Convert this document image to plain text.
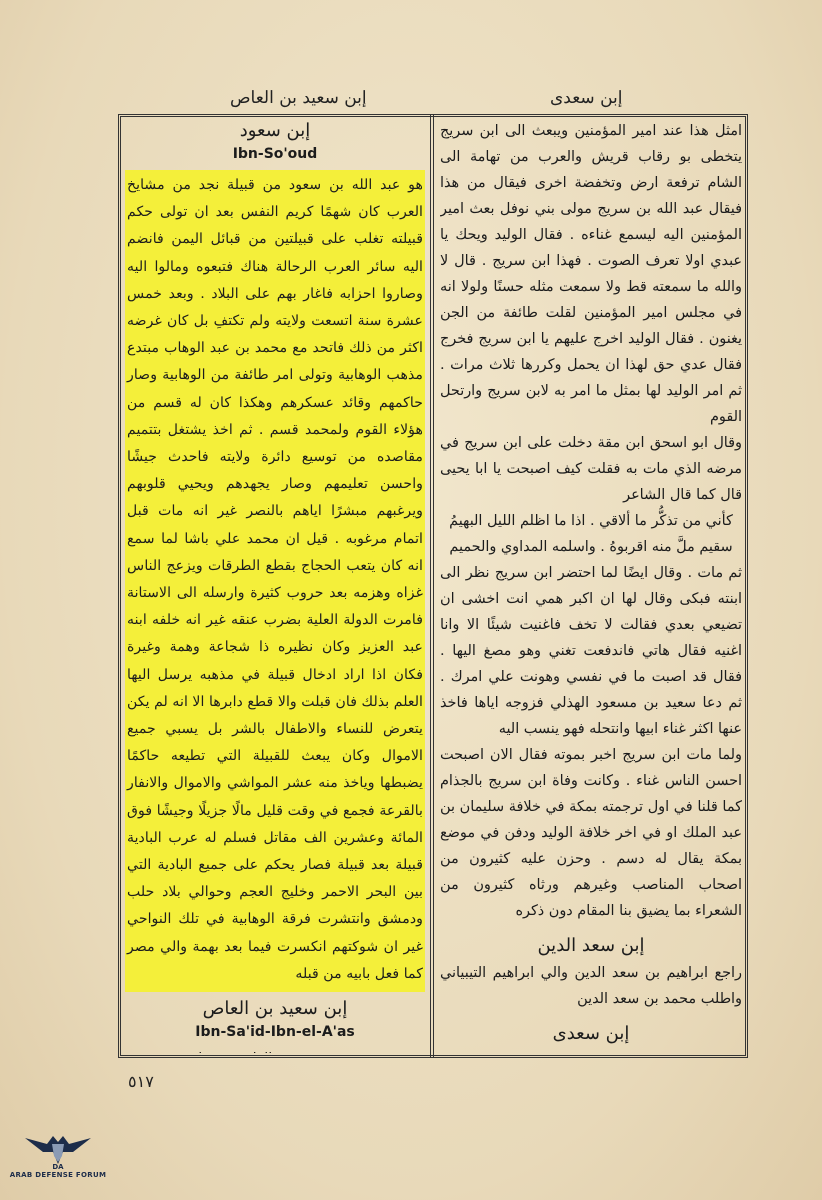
إبن سعيد بن العاص	إبن سعدى

امثل هذا عند امير المؤمنين ويبعث الى ابن سريج يتخطى بو رقاب قريش والعرب من تهامة الى الشام ترفعة ارض وتخفضة اخرى فيقال من هذا فيقال عبد الله بن سريج مولى بني نوفل بعث امير المؤمنين اليه ليسمع غناءه . فقال الوليد ويحك يا عبدي اولا تعرف الصوت . فهذا ابن سريج . قال لا والله ما سمعته قط ولا سمعت مثله حسنًا ولولا انه في مجلس امير المؤمنين لقلت طائفة من الجن يغنون . فقال الوليد اخرج عليهم يا ابن سريج فخرج فقال عدي حق لهذا ان يحمل وكررها ثلاث مرات . ثم امر الوليد لها بمثل ما امر به لابن سريج وارتحل القوم

وقال ابو اسحق ابن مقة دخلت على ابن سريج في مرضه الذي مات به فقلت كيف اصبحت يا ابا يحيى قال كما قال الشاعر

كأني من تذكُّر ما ألاقي . اذا ما اظلم الليل البهيمُ

سقيم ملَّ منه اقربوهُ . واسلمه المداوي والحميم

ثم مات . وقال ايضًا لما احتضر ابن سريج نظر الى ابنته فبكى وقال لها ان اكبر همي انت اخشى ان تضيعي بعدي فقالت لا تخف فاغنيت شيئًا الا وانا اغنيه فقال هاتي فاندفعت تغني وهو مصغ اليها . فقال قد اصبت ما في نفسي وهونت علي امرك . ثم دعا سعيد بن مسعود الهذلي فزوجه اياها فاخذ عنها اكثر غناء ابيها وانتحله فهو ينسب اليه

ولما مات ابن سريج اخبر بموته فقال الان اصبحت احسن الناس غناء . وكانت وفاة ابن سريج بالجذام كما قلنا في اول ترجمته بمكة في خلافة سليمان بن عبد الملك او في اخر خلافة الوليد ودفن في موضع بمكة يقال له دسم . وحزن عليه كثيرون من اصحاب المناصب وغيرهم ورثاه كثيرون من الشعراء بما يضيق بنا المقام دون ذكره

إبن سعد الدين

راجع ابراهيم بن سعد الدين والي ابراهيم التيبياني واطلب محمد بن سعد الدين

إبن سعدى

إبن سعود
Ibn-So'oud

هو عبد الله بن سعود من قبيلة نجد من مشايخ العرب كان شهمًا كريم النفس بعد ان تولى حكم قبيلته تغلب على قبيلتين من قبائل اليمن فانضم اليه سائر العرب الرحالة هناك فتبعوه ومالوا اليه وصاروا احزابه فاغار بهم على البلاد . وبعد خمس عشرة سنة اتسعت ولايته ولم تكتفِ بل كان غرضه اكثر من ذلك فاتحد مع محمد بن عبد الوهاب مبتدع مذهب الوهابية وتولى امر طائفة من الوهابية وصار حاكمهم وقائد عسكرهم وهكذا كان له قسم من هؤلاء القوم ولمحمد قسم . ثم اخذ يشتغل بتتميم مقاصده من توسيع دائرة ولايته فاحدث جيشًا واحسن تعليمهم وصار يجهدهم ويحيي قلوبهم ويرغبهم مبشرًا اياهم بالنصر غير انه مات قبل اتمام مرغوبه . قيل ان محمد علي باشا لما سمع انه كان يتعب الحجاج بقطع الطرقات ويزعج الناس غزاه وهزمه بعد حروب كثيرة وارسله الى الاستانة فامرت الدولة العلية بضرب عنقه غير انه خلفه ابنه عبد العزيز وكان نظيره ذا شجاعة وهمة وغيرة فكان اذا اراد ادخال قبيلة في مذهبه يرسل اليها العلم بذلك فان قبلت والا قطع دابرها الا انه لم يكن يتعرض للنساء والاطفال بالشر بل يسبي جميع الاموال وكان يبعث للقبيلة التي تطيعه حاكمًا يضبطها وياخذ منه عشر المواشي والاموال والانفار بالقرعة فجمع في وقت قليل مالًا جزيلًا وجيشًا فوق المائة وعشرين الف مقاتل فسلم له عرب البادية قبيلة بعد قبيلة فصار يحكم على جميع البادية التي بين البحر الاحمر وخليج العجم وحوالي بلاد حلب ودمشق وانتشرت فرقة الوهابية في تلك النواحي غير ان شوكتهم انكسرت فيما بعد بهمة والي مصر كما فعل بابيه من قبله

إبن سعيد بن العاص
Ibn-Sa'id-Ibn-el-A'as

٥١٧
DA
ARAB DEFENSE FORUM
